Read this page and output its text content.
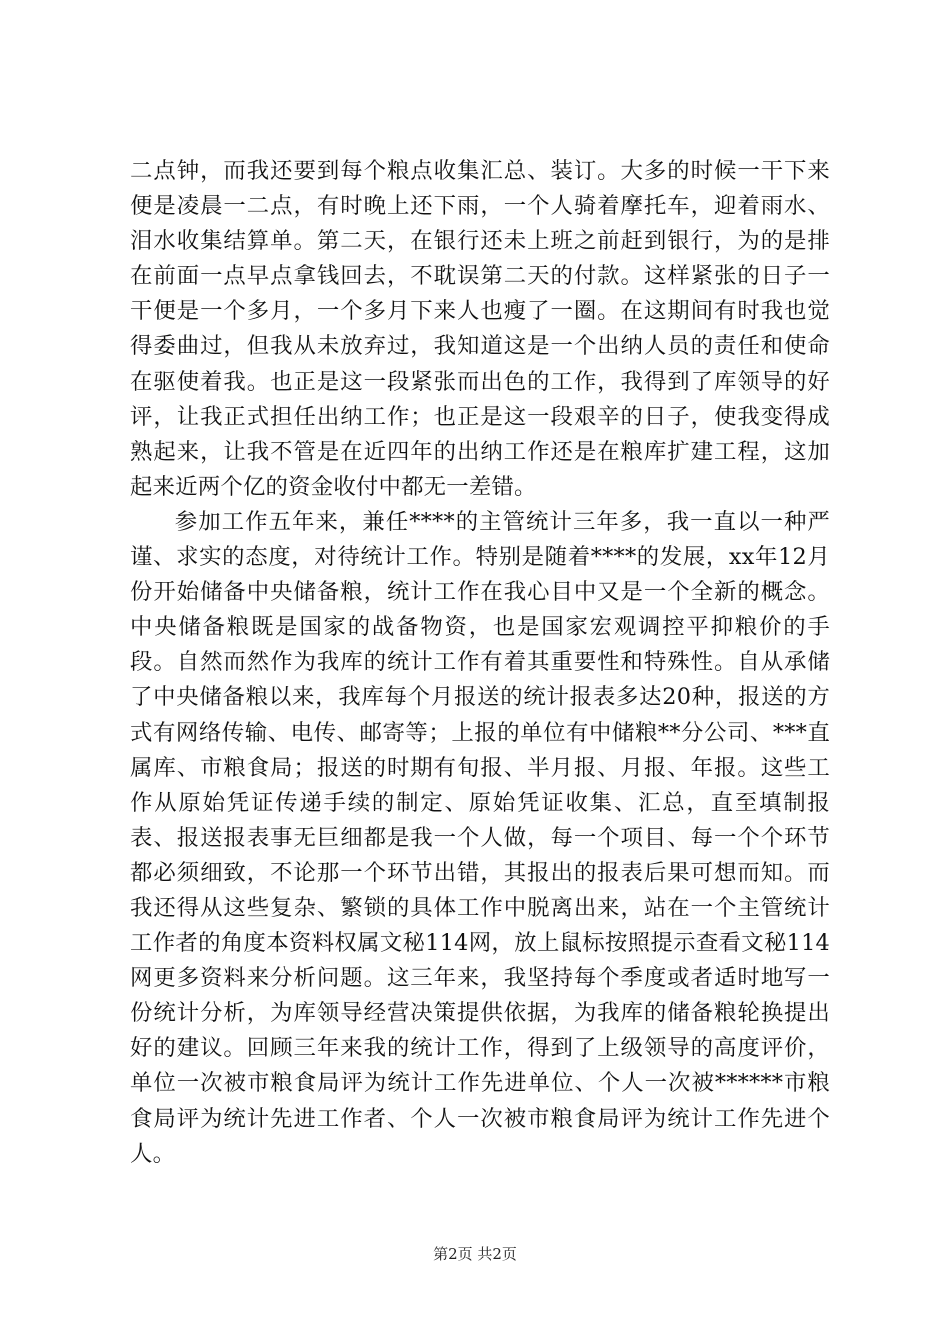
二点钟，而我还要到每个粮点收集汇总、装订。大多的时候一干下来便是凌晨一二点，有时晚上还下雨，一个人骑着摩托车，迎着雨水、泪水收集结算单。第二天，在银行还未上班之前赶到银行，为的是排在前面一点早点拿钱回去，不耽误第二天的付款。这样紧张的日子一干便是一个多月，一个多月下来人也瘦了一圈。在这期间有时我也觉得委曲过，但我从未放弃过，我知道这是一个出纳人员的责任和使命在驱使着我。也正是这一段紧张而出色的工作，我得到了库领导的好评，让我正式担任出纳工作；也正是这一段艰辛的日子，使我变得成熟起来，让我不管是在近四年的出纳工作还是在粮库扩建工程，这加起来近两个亿的资金收付中都无一差错。

参加工作五年来，兼任****的主管统计三年多，我一直以一种严谨、求实的态度，对待统计工作。特别是随着****的发展，xx年12月份开始储备中央储备粮，统计工作在我心目中又是一个全新的概念。中央储备粮既是国家的战备物资，也是国家宏观调控平抑粮价的手段。自然而然作为我库的统计工作有着其重要性和特殊性。自从承储了中央储备粮以来，我库每个月报送的统计报表多达20种，报送的方式有网络传输、电传、邮寄等；上报的单位有中储粮**分公司、***直属库、市粮食局；报送的时期有旬报、半月报、月报、年报。这些工作从原始凭证传递手续的制定、原始凭证收集、汇总，直至填制报表、报送报表事无巨细都是我一个人做，每一个项目、每一个个环节都必须细致，不论那一个环节出错，其报出的报表后果可想而知。而我还得从这些复杂、繁锁的具体工作中脱离出来，站在一个主管统计工作者的角度本资料权属文秘114网，放上鼠标按照提示查看文秘114网更多资料来分析问题。这三年来，我坚持每个季度或者适时地写一份统计分析，为库领导经营决策提供依据，为我库的储备粮轮换提出好的建议。回顾三年来我的统计工作，得到了上级领导的高度评价，单位一次被市粮食局评为统计工作先进单位、个人一次被******市粮食局评为统计先进工作者、个人一次被市粮食局评为统计工作先进个人。

第2页 共2页
